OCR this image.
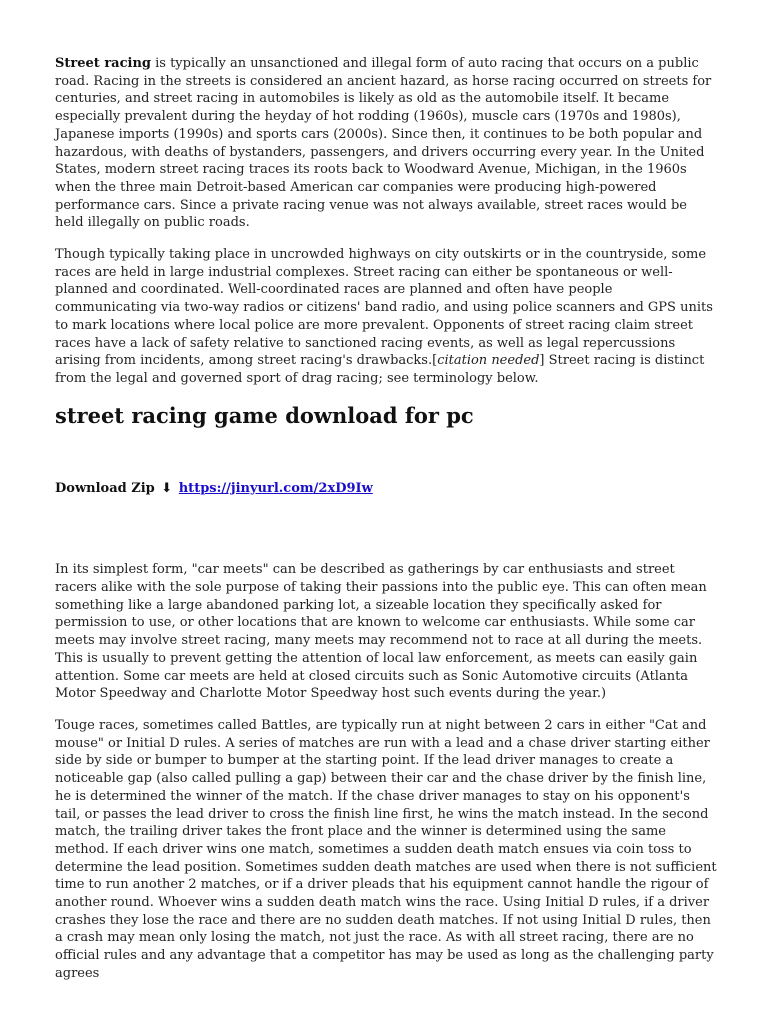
Street racing is typically an unsanctioned and illegal form of auto racing that occurs on a public road. Racing in the streets is considered an ancient hazard, as horse racing occurred on streets for centuries, and street racing in automobiles is likely as old as the automobile itself. It became especially prevalent during the heyday of hot rodding (1960s), muscle cars (1970s and 1980s), Japanese imports (1990s) and sports cars (2000s). Since then, it continues to be both popular and hazardous, with deaths of bystanders, passengers, and drivers occurring every year. In the United States, modern street racing traces its roots back to Woodward Avenue, Michigan, in the 1960s when the three main Detroit-based American car companies were producing high-powered performance cars. Since a private racing venue was not always available, street races would be held illegally on public roads.

Though typically taking place in uncrowded highways on city outskirts or in the countryside, some races are held in large industrial complexes. Street racing can either be spontaneous or well-planned and coordinated. Well-coordinated races are planned and often have people communicating via two-way radios or citizens' band radio, and using police scanners and GPS units to mark locations where local police are more prevalent. Opponents of street racing claim street races have a lack of safety relative to sanctioned racing events, as well as legal repercussions arising from incidents, among street racing's drawbacks.[citation needed] Street racing is distinct from the legal and governed sport of drag racing; see terminology below.

street racing game download for pc
Download Zip ⬇ https://jinyurl.com/2xD9Iw

In its simplest form, "car meets" can be described as gatherings by car enthusiasts and street racers alike with the sole purpose of taking their passions into the public eye. This can often mean something like a large abandoned parking lot, a sizeable location they specifically asked for permission to use, or other locations that are known to welcome car enthusiasts. While some car meets may involve street racing, many meets may recommend not to race at all during the meets. This is usually to prevent getting the attention of local law enforcement, as meets can easily gain attention. Some car meets are held at closed circuits such as Sonic Automotive circuits (Atlanta Motor Speedway and Charlotte Motor Speedway host such events during the year.)

Touge races, sometimes called Battles, are typically run at night between 2 cars in either "Cat and mouse" or Initial D rules. A series of matches are run with a lead and a chase driver starting either side by side or bumper to bumper at the starting point. If the lead driver manages to create a noticeable gap (also called pulling a gap) between their car and the chase driver by the finish line, he is determined the winner of the match. If the chase driver manages to stay on his opponent's tail, or passes the lead driver to cross the finish line first, he wins the match instead. In the second match, the trailing driver takes the front place and the winner is determined using the same method. If each driver wins one match, sometimes a sudden death match ensues via coin toss to determine the lead position. Sometimes sudden death matches are used when there is not sufficient time to run another 2 matches, or if a driver pleads that his equipment cannot handle the rigour of another round. Whoever wins a sudden death match wins the race. Using Initial D rules, if a driver crashes they lose the race and there are no sudden death matches. If not using Initial D rules, then a crash may mean only losing the match, not just the race. As with all street racing, there are no official rules and any advantage that a competitor has may be used as long as the challenging party agrees
